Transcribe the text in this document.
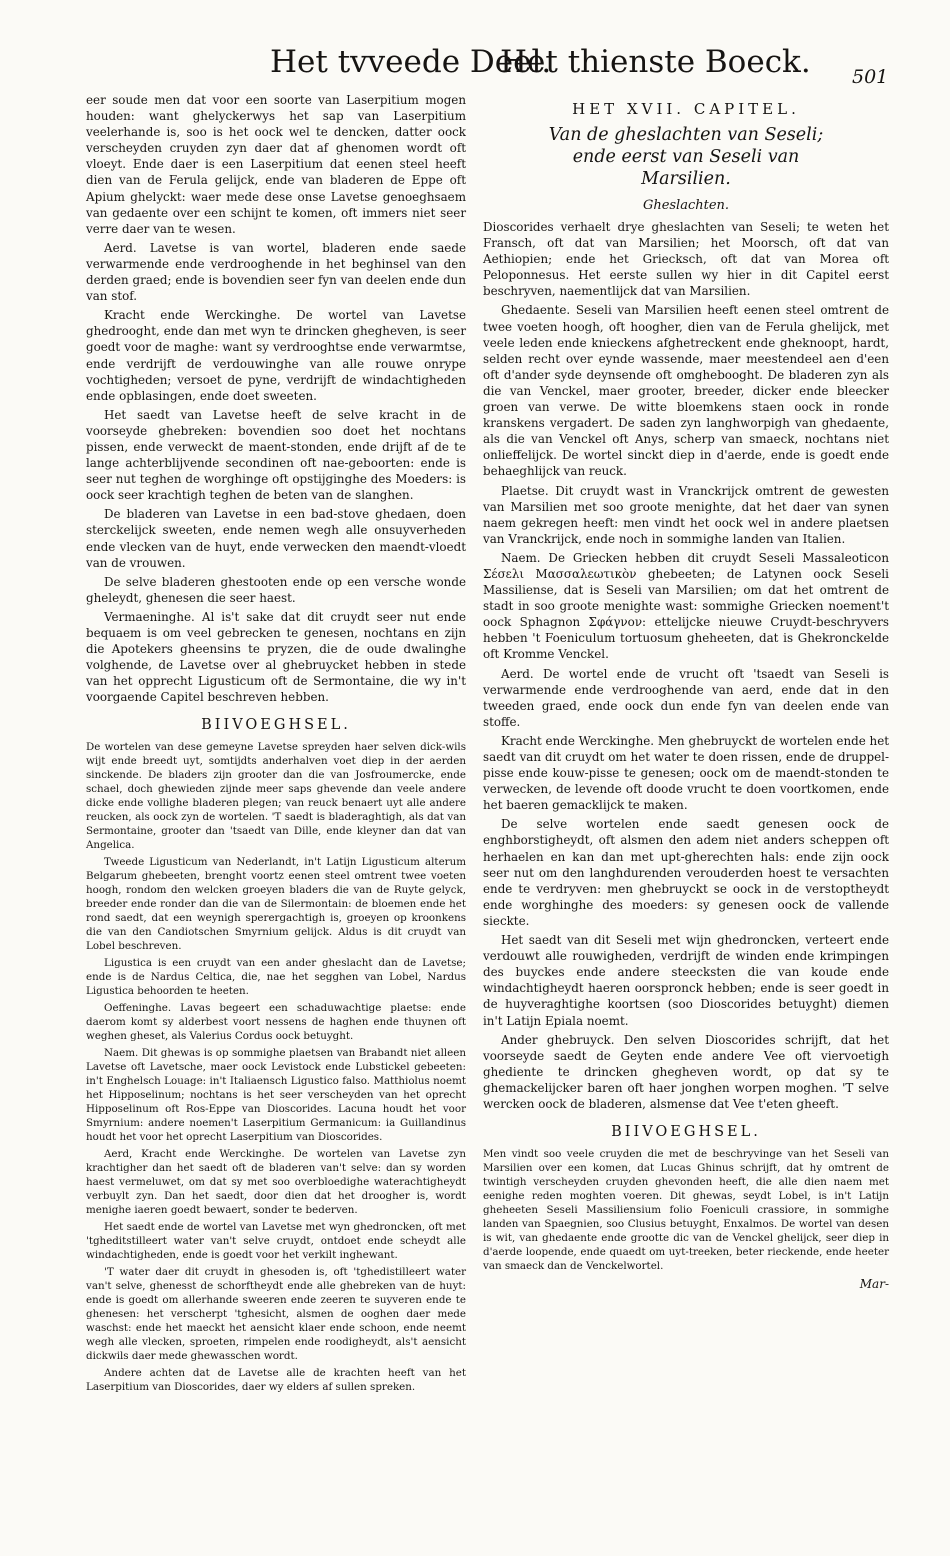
Het tvveede Deel.
Het thienste Boeck. 501

eer soude men dat voor een soorte van Laserpitium mogen houden: want ghelyckerwys het sap van Laserpitium veelerhande is, soo is het oock wel te dencken, datter oock verscheyden cruyden zyn daer dat af ghenomen wordt oft vloeyt. Ende daer is een Laserpitium dat eenen steel heeft dien van de Ferula gelijck, ende van bladeren de Eppe oft Apium ghelyckt: waer mede dese onse Lavetse genoeghsaem van gedaente over een schijnt te komen, oft immers niet seer verre daer van te wesen.

Aerd. Lavetse is van wortel, bladeren ende saede verwarmende ende verdrooghende in het beghinsel van den derden graed; ende is bovendien seer fyn van deelen ende dun van stof.

Kracht ende Werckinghe. De wortel van Lavetse ghedrooght, ende dan met wyn te drincken ghegheven, is seer goedt voor de maghe: want sy verdrooghtse ende verwarmtse, ende verdrijft de verdouwinghe van alle rouwe onrype vochtigheden; versoet de pyne, verdrijft de windachtigheden ende opblasingen, ende doet sweeten.

Het saedt van Lavetse heeft de selve kracht in de voorseyde ghebreken: bovendien soo doet het nochtans pissen, ende verweckt de maent-stonden, ende drijft af de te lange achterblijvende secondinen oft nae-geboorten: ende is seer nut teghen de worghinge oft opstijginghe des Moeders: is oock seer krachtigh teghen de beten van de slanghen.

De bladeren van Lavetse in een bad-stove ghedaen, doen sterckelijck sweeten, ende nemen wegh alle onsuyverheden ende vlecken van de huyt, ende verwecken den maendt-vloedt van de vrouwen.

De selve bladeren ghestooten ende op een versche wonde gheleydt, ghenesen die seer haest.

Vermaeninghe. Al is't sake dat dit cruydt seer nut ende bequaem is om veel gebrecken te genesen, nochtans en zijn die Apotekers gheensins te pryzen, die de oude dwalinghe volghende, de Lavetse over al ghebruycket hebben in stede van het opprecht Ligusticum oft de Sermontaine, die wy in't voorgaende Capitel beschreven hebben.

BIIVOEGHSEL.

De wortelen van dese gemeyne Lavetse spreyden haer selven dick-wils wijt ende breedt uyt, somtijdts anderhalven voet diep in der aerden sinckende. De bladers zijn grooter dan die van Josfroumercke, ende schael, doch ghewieden zijnde meer saps ghevende dan veele andere dicke ende vollighe bladeren plegen; van reuck benaert uyt alle andere reucken, als oock zyn de wortelen. 'T saedt is bladeraghtigh, als dat van Sermontaine, grooter dan 'tsaedt van Dille, ende kleyner dan dat van Angelica.

Tweede Ligusticum van Nederlandt, in't Latijn Ligusticum alterum Belgarum ghebeeten, brenght voortz eenen steel omtrent twee voeten hoogh, rondom den welcken groeyen bladers die van de Ruyte gelyck, breeder ende ronder dan die van de Silermontain: de bloemen ende het rond saedt, dat een weynigh sperergachtigh is, groeyen op kroonkens die van den Candiotschen Smyrnium gelijck. Aldus is dit cruydt van Lobel beschreven.

Ligustica is een cruydt van een ander gheslacht dan de Lavetse; ende is de Nardus Celtica, die, nae het segghen van Lobel, Nardus Ligustica behoorden te heeten.

Oeffeninghe. Lavas begeert een schaduwachtige plaetse: ende daerom komt sy alderbest voort nessens de haghen ende thuynen oft weghen gheset, als Valerius Cordus oock betuyght.

Naem. Dit ghewas is op sommighe plaetsen van Brabandt niet alleen Lavetse oft Lavetsche, maer oock Levistock ende Lubstickel gebeeten: in't Enghelsch Louage: in't Italiaensch Ligustico falso. Matthiolus noemt het Hipposelinum; nochtans is het seer verscheyden van het oprecht Hipposelinum oft Ros-Eppe van Dioscorides. Lacuna houdt het voor Smyrnium: andere noemen't Laserpitium Germanicum: ia Guillandinus houdt het voor het oprecht Laserpitium van Dioscorides.

Aerd, Kracht ende Werckinghe. De wortelen van Lavetse zyn krachtigher dan het saedt oft de bladeren van't selve: dan sy worden haest vermeluwet, om dat sy met soo overbloedighe waterachtigheydt verbuylt zyn. Dan het saedt, door dien dat het droogher is, wordt menighe iaeren goedt bewaert, sonder te bederven.

Het saedt ende de wortel van Lavetse met wyn ghedroncken, oft met 'tgheditstilleert water van't selve cruydt, ontdoet ende scheydt alle windachtigheden, ende is goedt voor het verkilt inghewant.

'T water daer dit cruydt in ghesoden is, oft 'tghedistilleert water van't selve, ghenesst de schorftheydt ende alle ghebreken van de huyt: ende is goedt om allerhande sweeren ende zeeren te suyveren ende te ghenesen: het verscherpt 'tghesicht, alsmen de ooghen daer mede waschst: ende het maeckt het aensicht klaer ende schoon, ende neemt wegh alle vlecken, sproeten, rimpelen ende roodigheydt, als't aensicht dickwils daer mede ghewasschen wordt.

Andere achten dat de Lavetse alle de krachten heeft van het Laserpitium van Dioscorides, daer wy elders af sullen spreken.

HET XVII. CAPITEL.

Van de gheslachten van Seseli;

ende eerst van Seseli van

Marsilien.

Gheslachten.

Dioscorides verhaelt drye gheslachten van Seseli; te weten het Fransch, oft dat van Marsilien; het Moorsch, oft dat van Aethiopien; ende het Griecksch, oft dat van Morea oft Peloponnesus. Het eerste sullen wy hier in dit Capitel eerst beschryven, naementlijck dat van Marsilien.

Ghedaente. Seseli van Marsilien heeft eenen steel omtrent de twee voeten hoogh, oft hoogher, dien van de Ferula ghelijck, met veele leden ende knieckens afghetreckent ende gheknoopt, hardt, selden recht over eynde wassende, maer meestendeel aen d'een oft d'ander syde deynsende oft omghebooght. De bladeren zyn als die van Venckel, maer grooter, breeder, dicker ende bleecker groen van verwe. De witte bloemkens staen oock in ronde kranskens vergadert. De saden zyn langhworpigh van ghedaente, als die van Venckel oft Anys, scherp van smaeck, nochtans niet onlieffelijck. De wortel sinckt diep in d'aerde, ende is goedt ende behaeghlijck van reuck.

Plaetse. Dit cruydt wast in Vranckrijck omtrent de gewesten van Marsilien met soo groote menighte, dat het daer van synen naem gekregen heeft: men vindt het oock wel in andere plaetsen van Vranckrijck, ende noch in sommighe landen van Italien.

Naem. De Griecken hebben dit cruydt Seseli Massaleoticon Σέσελι Μασσαλεωτικὸν ghebeeten; de Latynen oock Seseli Massiliense, dat is Seseli van Marsilien; om dat het omtrent de stadt in soo groote menighte wast: sommighe Griecken noement't oock Sphagnon Σφάγνον: ettelijcke nieuwe Cruydt-beschryvers hebben 't Foeniculum tortuosum gheheeten, dat is Ghekronckelde oft Kromme Venckel.

Aerd. De wortel ende de vrucht oft 'tsaedt van Seseli is verwarmende ende verdrooghende van aerd, ende dat in den tweeden graed, ende oock dun ende fyn van deelen ende van stoffe.

Kracht ende Werckinghe. Men ghebruyckt de wortelen ende het saedt van dit cruydt om het water te doen rissen, ende de druppel-pisse ende kouw-pisse te genesen; oock om de maendt-stonden te verwecken, de levende oft doode vrucht te doen voortkomen, ende het baeren gemacklijck te maken.

De selve wortelen ende saedt genesen oock de enghborstigheydt, oft alsmen den adem niet anders scheppen oft herhaelen en kan dan met upt-gherechten hals: ende zijn oock seer nut om den langhdurenden verouderden hoest te versachten ende te verdryven: men ghebruyckt se oock in de verstoptheydt ende worghinghe des moeders: sy genesen oock de vallende sieckte.

Het saedt van dit Seseli met wijn ghedroncken, verteert ende verdouwt alle rouwigheden, verdrijft de winden ende krimpingen des buyckes ende andere steecksten die van koude ende windachtigheydt haeren oorspronck hebben; ende is seer goedt in de huyveraghtighe koortsen (soo Dioscorides betuyght) diemen in't Latijn Epiala noemt.

Ander ghebruyck. Den selven Dioscorides schrijft, dat het voorseyde saedt de Geyten ende andere Vee oft viervoetigh ghediente te drincken ghegheven wordt, op dat sy te ghemackelijcker baren oft haer jonghen worpen moghen. 'T selve wercken oock de bladeren, alsmense dat Vee t'eten gheeft.

BIIVOEGHSEL.

Men vindt soo veele cruyden die met de beschryvinge van het Seseli van Marsilien over een komen, dat Lucas Ghinus schrijft, dat hy omtrent de twintigh verscheyden cruyden ghevonden heeft, die alle dien naem met eenighe reden moghten voeren. Dit ghewas, seydt Lobel, is in't Latijn gheheeten Seseli Massiliensium folio Foeniculi crassiore, in sommighe landen van Spaegnien, soo Clusius betuyght, Enxalmos. De wortel van desen is wit, van ghedaente ende grootte dic van de Venckel ghelijck, seer diep in d'aerde loopende, ende quaedt om uyt-treeken, beter rieckende, ende heeter van smaeck dan de Venckelwortel.

Mar-
